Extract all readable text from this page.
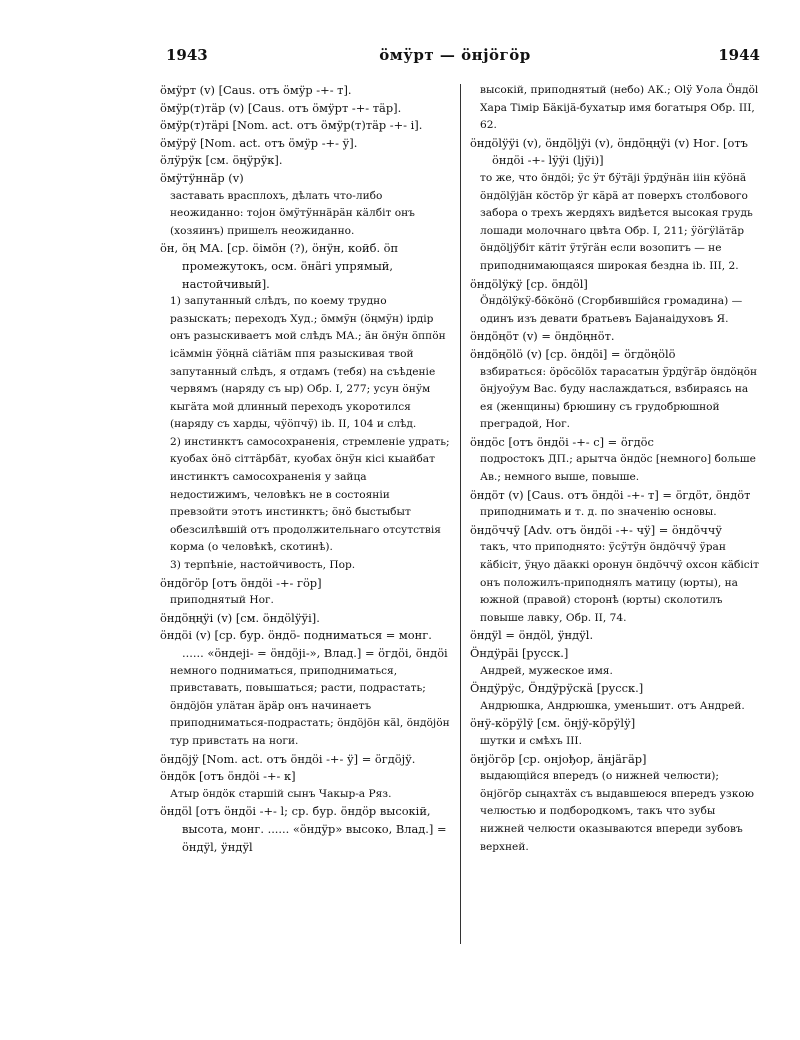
1943	ӧмӱрт — ӧнјӧгӧр	1944

ӧмӱрт (v) [Caus. отъ ӧмӱр -+- т].

ӧмӱр(т)тӓр (v) [Caus. отъ ӧмӱрт -+- тӓр].

ӧмӱр(т)тӓрі [Nom. act. отъ ӧмӱр(т)тӓр -+- і].

ӧмӱрӱ [Nom. act. отъ ӧмӱр -+- ӱ].

ӧлӱрӱк [см. ӧңӱрӱк].

ӧмӱтӱннӓр (v)

заставать врасплохъ, дѣлать что-либо неожиданно: тојон ӧмӱтӱннӓрӓн кӓлбіт онъ (хозяинъ) пришелъ неожиданно.

ӧн, ӧң МА. [ср. ӧімӧн (?), ӧнӱн, койб. ӧп промежутокъ, осм. ӧнӓгі упрямый, настойчивый].

1) запутанный слѣдъ, по коему трудно разыскать; переходъ Худ.; ӧммӱн (ӧңмӱн) ірдір онъ разыскиваетъ мой слѣдъ МА.; ӓн ӧнӱн ӧппӧн ісӓммін ӱӧңнӓ сіӓтіӓм ппя разыскивая твой запутанный слѣдъ, я отдамъ (тебя) на съѣденіе червямъ (наряду съ ыр) Обр. I, 277; усун ӧнӱм кыгӓта мой длинный переходъ укоротился (наряду съ харды, чӱӧпчӱ) ib. II, 104 и слѣд.

2) инстинктъ самосохраненія, стремленіе удрать; куобах ӧнӧ сіттӓрбӓт, куобах ӧнӱн кісі кыайбат инстинктъ самосохраненія у зайца недостижимъ, человѣкъ не в состояніи превзойти этотъ инстинктъ; ӧнӧ быстыбыт обезсилѣвшій отъ продолжительнаго отсутствія корма (о человѣкѣ, скотинѣ).

3) терпѣніе, настойчивость, Пор.

ӧндӧгӧр [отъ ӧндӧі -+- гӧр]

приподнятый Ног.

ӧндӧңңӱі (v) [см. ӧндӧlӱӱі].

ӧндӧі (v) [ср. бур. ӧндӧ- подниматься = монг. ...... «ӧндеji- = ӧндӧji-», Влад.] = ӧгдӧі, ӧндӧі

немного подниматься, приподниматься, привставать, повышаться; расти, подрастать; ӧндӧјӧн улӓтан ӓрӓр онъ начинаетъ приподниматься-подрастать; ӧндӧјӧн кӓl, ӧндӧјӧн тур привстать на ноги.

ӧндӧјӱ [Nom. act. отъ ӧндӧі -+- ӱ] = ӧгдӧјӱ.

ӧндӧк [отъ ӧндӧі -+- к]

Атыр ӧндӧк старшій сынъ Чакыр-а Ряз.

ӧндӧl [отъ ӧндӧі -+- l; ср. бур. ӧндӧр высокій, высота, монг. ...... «ӧндӱр» высоко, Влад.] = ӧндӱl, ӱндӱl

высокій, приподнятый (небо) АК.; Оlӱ Уола Ӧндӧl Хара Тімір Бӓкіјӓ-бухатыр имя богатыря Обр. III, 62.

ӧндӧlӱӱі (v), ӧндӧlјӱі (v), ӧндӧңңӱі (v) Ног. [отъ ӧндӧі -+- lӱӱі (lјӱі)]

то же, что ӧндӧі; ӱс ӱт бӱтӓјі ӱрдӱнӓн ііін кӱӧнӓ ӧндӧlӱјӓн кӧстӧр ӱг кӓрӓ ат поверхъ столбового забора о трехъ жердяхъ видѣется высокая грудь лошади молочнаго цвѣта Обр. I, 211; ӱӧгӱlӓтӓр ӧндӧlјӱбіт кӓтіт ӱтӱгӓн если возопитъ — не приподнимающаяся широкая бездна ib. III, 2.

ӧндӧlӱкӱ [ср. ӧндӧl]

Ӧндӧlӱкӱ-бӧкӧнӧ (Сгорбившійся громадина) — одинъ изъ девати братьевъ Бајанаідуховъ Я.

ӧндӧңӧт (v) = ӧндӧңнӧт.

ӧндӧңӧlӧ (v) [ср. ӧндӧі] = ӧгдӧңӧlӧ

взбираться: ӧрӧсӧlӧх тарасатын ӱрдӱгӓр ӧндӧңӧн ӧнјуоӱум Вас. буду наслаждаться, взбираясь на ея (женщины) брюшину съ грудобрюшной преградой, Ног.

ӧндӧс [отъ ӧндӧі -+- с] = ӧгдӧс

подростокъ ДП.; арытча ӧндӧс [немного] больше Ав.; немного выше, повыше.

ӧндӧт (v) [Caus. отъ ӧндӧі -+- т] = ӧгдӧт, ӧндӧт

приподнимать и т. д. по значенію основы.

ӧндӧччӱ [Adv. отъ ӧндӧі -+- чӱ] = ӧндӧччӱ

такъ, что приподнято: ӱсӱтӱн ӧндӧччӱ ӱран кӓбісіт, ӱңуо дӓаккі оронун ӧндӧччӱ охсон кӓбісіт онъ положилъ-приподнялъ матицу (юрты), на южной (правой) сторонѣ (юрты) сколотилъ повыше лавку, Обр. II, 74.

ӧндӱl = ӧндӧl, ӱндӱl.

Ӧндӱрӓі [русск.]

Андрей, мужеское имя.

Ӧндӱрӱс, Ӧндӱрӱскӓ [русск.]

Андрюшка, Андрюшка, уменьшит. отъ Андрей.

ӧнӱ-кӧрӱlӱ [см. ӧнјӱ-кӧрӱlӱ]

шутки и смѣхъ III.

ӧнјӧгӧр [ср. онјођор, ӓнјӓгӓр]

выдающійся впередъ (о нижней челюсти); ӧнјӧгӧр сыңахтӓх съ выдавшеюся впередъ узкою челюстью и подбородкомъ, такъ что зубы нижней челюсти оказываются впереди зубовъ верхней.
